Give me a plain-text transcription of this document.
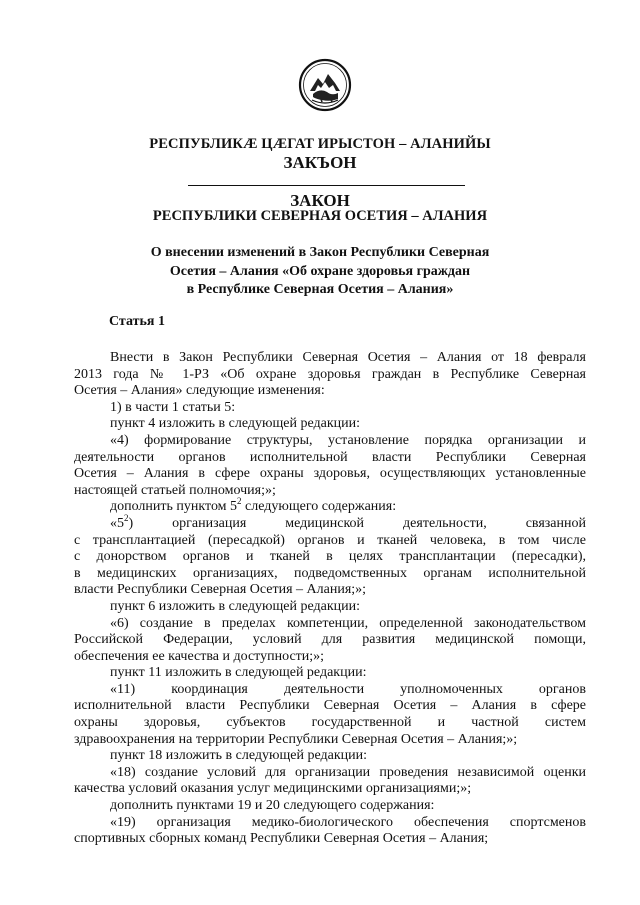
РЕСПУБЛИКӔ ЦӔГАТ ИРЫСТОН – АЛАНИЙЫ
ЗАКЪОН
ЗАКОН
РЕСПУБЛИКИ СЕВЕРНАЯ ОСЕТИЯ – АЛАНИЯ
О внесении изменений в Закон Республики Северная
Осетия – Алания «Об охране здоровья граждан
в Республике Северная Осетия – Алания»
Статья 1
Внести в Закон Республики Северная Осетия – Алания от 18 февраля
2013 года № 1-РЗ «Об охране здоровья граждан в Республике Северная
Осетия – Алания» следующие изменения:
1) в части 1 статьи 5:
пункт 4 изложить в следующей редакции:
«4) формирование структуры, установление порядка организации и
деятельности органов исполнительной власти Республики Северная
Осетия – Алания в сфере охраны здоровья, осуществляющих установленные
настоящей статьей полномочия;»;
дополнить пунктом $5^2$ следующего содержания:
«$5^2$ ) организация медицинской деятельности, связанной
с трансплантацией (пересадкой) органов и тканей человека, в том числе
с донорством органов и тканей в целях трансплантации (пересадки),
в медицинских организациях, подведомственных органам исполнительной
власти Республики Северная Осетия – Алания;»;
пункт 6 изложить в следующей редакции:
«6) создание в пределах компетенции, определенной законодательством
Российской Федерации, условий для развития медицинской помощи,
обеспечения ее качества и доступности;»;
пункт 11 изложить в следующей редакции:
«11) координация деятельности уполномоченных органов
исполнительной власти Республики Северная Осетия – Алания в сфере
охраны здоровья, субъектов государственной и частной систем
здравоохранения на территории Республики Северная Осетия – Алания;»;
пункт 18 изложить в следующей редакции:
«18) создание условий для организации проведения независимой оценки
качества условий оказания услуг медицинскими организациями;»;
дополнить пунктами 19 и 20 следующего содержания:
«19) организация медико-биологического обеспечения спортсменов
спортивных сборных команд Республики Северная Осетия – Алания;
